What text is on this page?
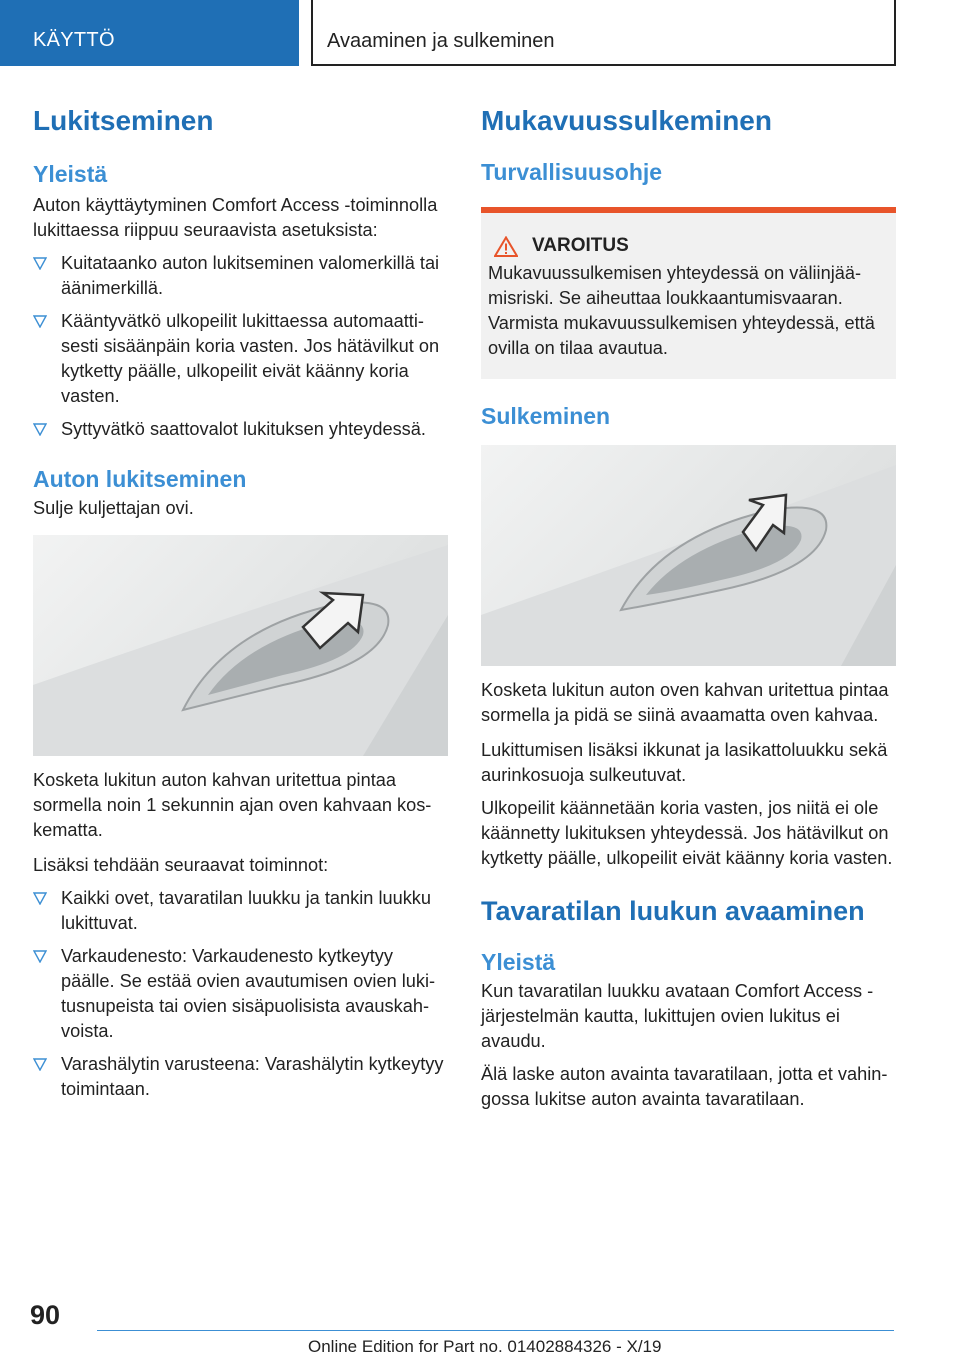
KÄYTTÖ	Avaaminen ja sulkeminen
Lukitseminen
Yleistä

Auton käyttäytyminen Comfort Access -toiminnolla lukittaessa riippuu seuraavista asetuksista:

Kuitataanko auton lukitseminen valomerkillä tai äänimerkillä.
Kääntyvätkö ulkopeilit lukittaessa automaattisesti sisäänpäin koria vasten. Jos hätävilkut on kytketty päälle, ulkopeilit eivät käänny koria vasten.
Syttyvätkö saattovalot lukituksen yhteydessä.
Auton lukitseminen

Sulje kuljettajan ovi.

Kosketa lukitun auton kahvan uritettua pintaa sormella noin 1 sekunnin ajan oven kahvaan koskematta.

Lisäksi tehdään seuraavat toiminnot:

Kaikki ovet, tavaratilan luukku ja tankin luukku lukittuvat.
Varkaudenesto: Varkaudenesto kytkeytyy päälle. Se estää ovien avautumisen ovien lukitusnupeista tai ovien sisäpuolisista avauskahvoista.
Varashälytin varusteena: Varashälytin kytkeytyy toimintaan.
Mukavuussulkeminen
Turvallisuusohje
VAROITUS

Mukavuussulkemisen yhteydessä on väliinjäämisriski. Se aiheuttaa loukkaantumisvaaran. Varmista mukavuussulkemisen yhteydessä, että ovilla on tilaa avautua.

Sulkeminen

Kosketa lukitun auton oven kahvan uritettua pintaa sormella ja pidä se siinä avaamatta oven kahvaa.

Lukittumisen lisäksi ikkunat ja lasikattoluukku sekä aurinkosuoja sulkeutuvat.

Ulkopeilit käännetään koria vasten, jos niitä ei ole käännetty lukituksen yhteydessä. Jos hätävilkut on kytketty päälle, ulkopeilit eivät käänny koria vasten.

Tavaratilan luukun avaaminen
Yleistä

Kun tavaratilan luukku avataan Comfort Access -järjestelmän kautta, lukittujen ovien lukitus ei avaudu.

Älä laske auton avainta tavaratilaan, jotta et vahingossa lukitse auton avainta tavaratilaan.

90
Online Edition for Part no. 01402884326 - X/19
